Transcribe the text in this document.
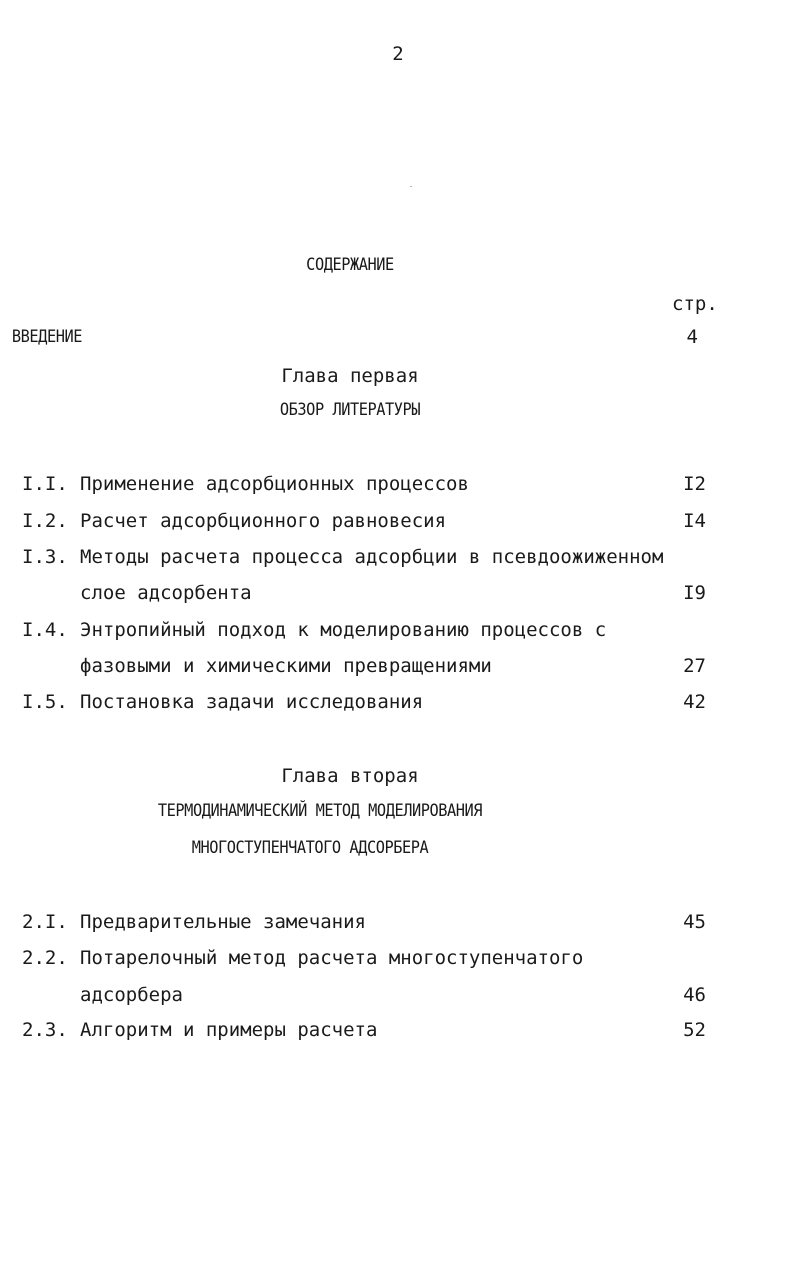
2
СОДЕРЖАНИЕ
стр.
ВВЕДЕНИЕ	4
Глава первая
ОБЗОР ЛИТЕРАТУРЫ
I.I. Применение адсорбционных процессов	I2
I.2. Расчет адсорбционного равновесия	I4
I.3. Методы расчета процесса адсорбции в псевдоожиженном
слое адсорбента	I9
I.4. Энтропийный подход к моделированию процессов с
фазовыми и химическими превращениями	27
I.5. Постановка задачи исследования	42
Глава вторая
ТЕРМОДИНАМИЧЕСКИЙ МЕТОД МОДЕЛИРОВАНИЯ
МНОГОСТУПЕНЧАТОГО АДСОРБЕРА
2.I. Предварительные замечания	45
2.2. Потарелочный метод расчета многоступенчатого
адсорбера	46
2.3. Алгоритм и примеры расчета	52
